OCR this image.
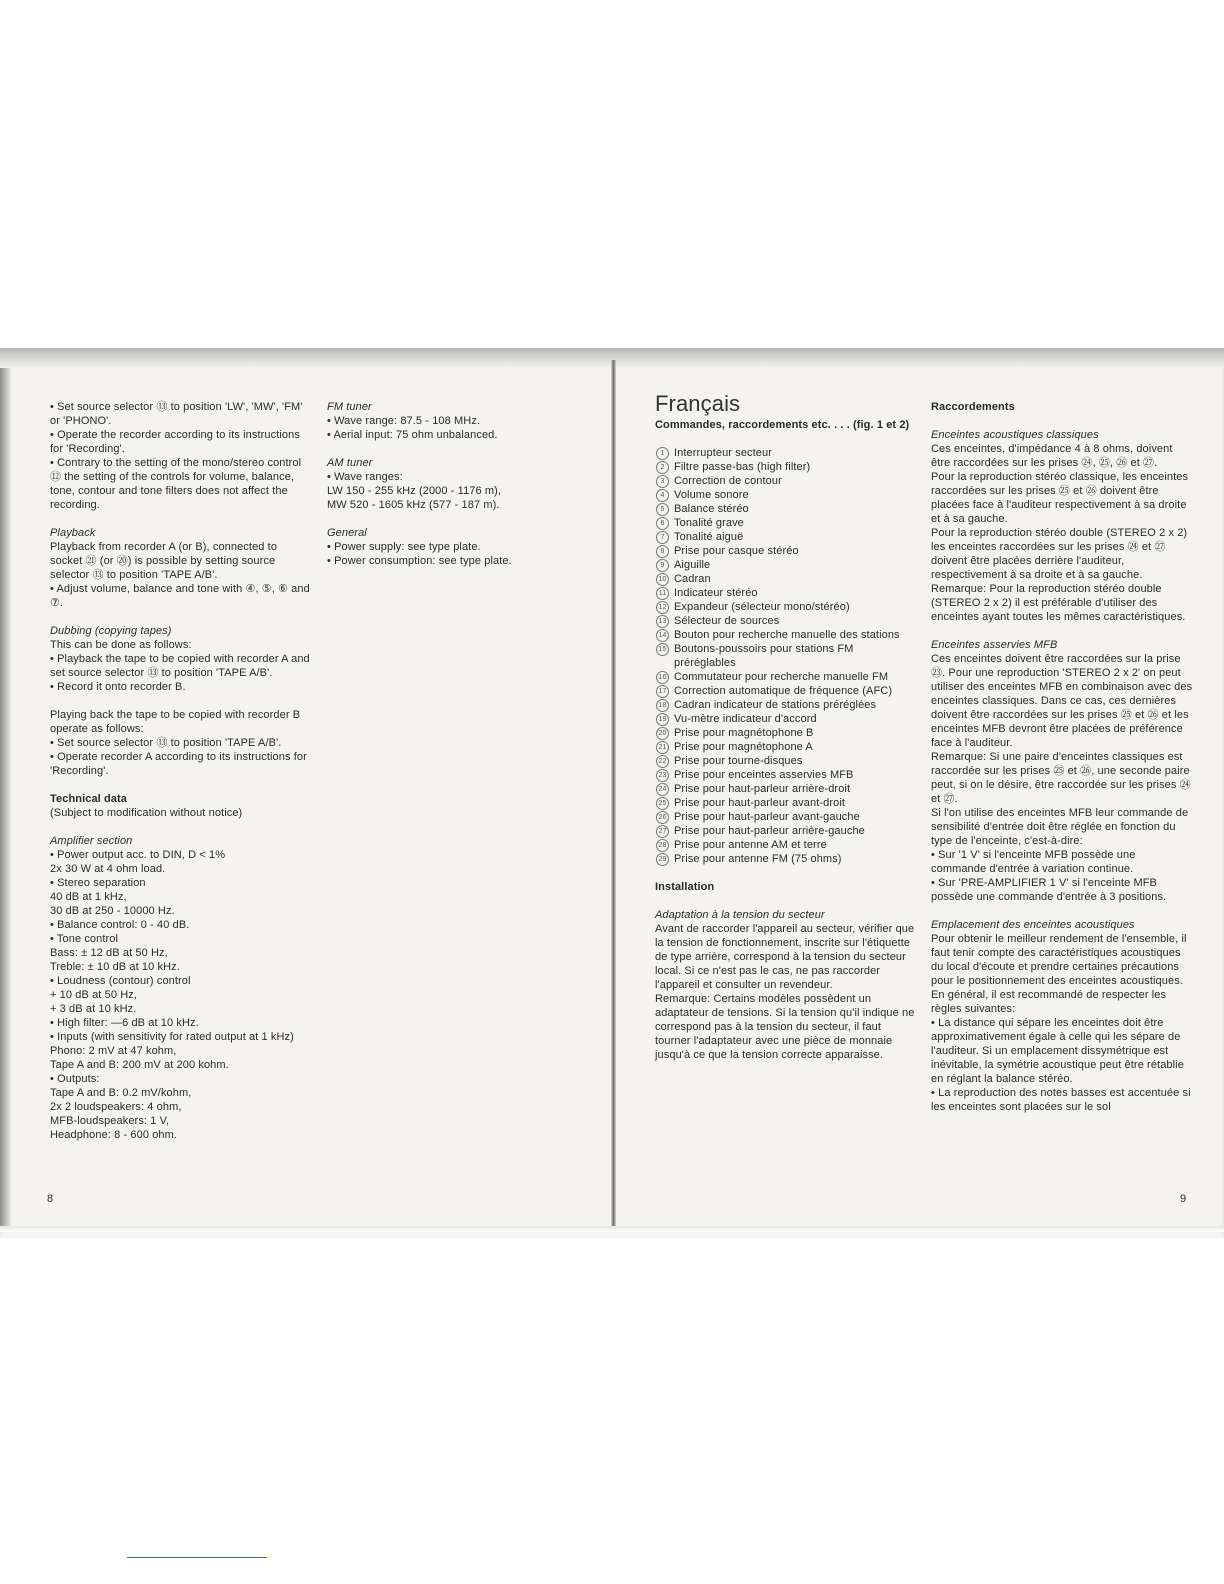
• Set source selector ⑬ to position 'LW', 'MW', 'FM' or 'PHONO'.

• Operate the recorder according to its instructions for 'Recording'.

• Contrary to the setting of the mono/stereo control ⑫ the setting of the controls for volume, balance, tone, contour and tone filters does not affect the recording.

Playback

Playback from recorder A (or B), connected to socket ㉑ (or ⑳) is possible by setting source selector ⑬ to position 'TAPE A/B'.

• Adjust volume, balance and tone with ④, ⑤, ⑥ and ⑦.

Dubbing (copying tapes)

This can be done as follows:

• Playback the tape to be copied with recorder A and set source selector ⑬ to position 'TAPE A/B'.

• Record it onto recorder B.

Playing back the tape to be copied with recorder B operate as follows:

• Set source selector ⑬ to position 'TAPE A/B'.

• Operate recorder A according to its instructions for 'Recording'.

Technical data

(Subject to modification without notice)

Amplifier section

• Power output acc. to DIN, D < 1%

2x 30 W at 4 ohm load.

• Stereo separation

40 dB at 1 kHz,

30 dB at 250 - 10000 Hz.

• Balance control: 0 - 40 dB.

• Tone control

Bass: ± 12 dB at 50 Hz,

Treble: ± 10 dB at 10 kHz.

• Loudness (contour) control

+ 10 dB at 50 Hz,

+ 3 dB at 10 kHz.

• High filter: —6 dB at 10 kHz.

• Inputs (with sensitivity for rated output at 1 kHz)

Phono: 2 mV at 47 kohm,

Tape A and B: 200 mV at 200 kohm.

• Outputs:

Tape A and B: 0.2 mV/kohm,

2x 2 loudspeakers: 4 ohm,

MFB-loudspeakers: 1 V,

Headphone: 8 - 600 ohm.

FM tuner

• Wave range: 87.5 - 108 MHz.

• Aerial input: 75 ohm unbalanced.

AM tuner

• Wave ranges:

LW 150 - 255 kHz (2000 - 1176 m),

MW 520 - 1605 kHz (577 - 187 m).

General

• Power supply: see type plate.

• Power consumption: see type plate.

8

Français

Commandes, raccordements etc. . . . (fig. 1 et 2)

1 Interrupteur secteur
2 Filtre passe-bas (high filter)
3 Correction de contour
4 Volume sonore
5 Balance stéréo
6 Tonalité grave
7 Tonalité aiguë
8 Prise pour casque stéréo
9 Aiguille
10 Cadran
11 Indicateur stéréo
12 Expandeur (sélecteur mono/stéréo)
13 Sélecteur de sources
14 Bouton pour recherche manuelle des stations
15 Boutons-poussoirs pour stations FM préréglables
16 Commutateur pour recherche manuelle FM
17 Correction automatique de fréquence (AFC)
18 Cadran indicateur de stations préréglées
19 Vu-mètre indicateur d'accord
20 Prise pour magnétophone B
21 Prise pour magnétophone A
22 Prise pour tourne-disques
23 Prise pour enceintes asservies MFB
24 Prise pour haut-parleur arrière-droit
25 Prise pour haut-parleur avant-droit
26 Prise pour haut-parleur avant-gauche
27 Prise pour haut-parleur arrière-gauche
28 Prise pour antenne AM et terre
29 Prise pour antenne FM (75 ohms)

Installation

Adaptation à la tension du secteur

Avant de raccorder l'appareil au secteur, vérifier que la tension de fonctionnement, inscrite sur l'étiquette de type arrière, correspond à la tension du secteur local. Si ce n'est pas le cas, ne pas raccorder l'appareil et consulter un revendeur.

Remarque: Certains modèles possèdent un adaptateur de tensions. Si la tension qu'il indique ne correspond pas à la tension du secteur, il faut tourner l'adaptateur avec une pièce de monnaie jusqu'à ce que la tension correcte apparaisse.

Raccordements

Enceintes acoustiques classiques

Ces enceintes, d'impédance 4 à 8 ohms, doivent être raccordées sur les prises ㉔, ㉕, ㉖ et ㉗.

Pour la reproduction stéréo classique, les enceintes raccordées sur les prises ㉕ et ㉖ doivent être placées face à l'auditeur respectivement à sa droite et à sa gauche.

Pour la reproduction stéréo double (STEREO 2 x 2) les enceintes raccordées sur les prises ㉔ et ㉗ doivent être placées derrière l'auditeur, respectivement à sa droite et à sa gauche.

Remarque: Pour la reproduction stéréo double (STEREO 2 x 2) il est préférable d'utiliser des enceintes ayant toutes les mêmes caractéristiques.

Enceintes asservies MFB

Ces enceintes doivent être raccordées sur la prise ㉓. Pour une reproduction 'STEREO 2 x 2' on peut utiliser des enceintes MFB en combinaison avec des enceintes classiques. Dans ce cas, ces dernières doivent être raccordées sur les prises ㉕ et ㉖ et les enceintes MFB devront être placées de préférence face à l'auditeur.

Remarque: Si une paire d'enceintes classiques est raccordée sur les prises ㉕ et ㉖, une seconde paire peut, si on le désire, être raccordée sur les prises ㉔ et ㉗.

Si l'on utilise des enceintes MFB leur commande de sensibilité d'entrée doit être réglée en fonction du type de l'enceinte, c'est-à-dire:

• Sur '1 V' si l'enceinte MFB possède une commande d'entrée à variation continue.

• Sur 'PRE-AMPLIFIER 1 V' si l'enceinte MFB possède une commande d'entrée à 3 positions.

Emplacement des enceintes acoustiques

Pour obtenir le meilleur rendement de l'ensemble, il faut tenir compte des caractéristiques acoustiques du local d'écoute et prendre certaines précautions pour le positionnement des enceintes acoustiques.

En général, il est recommandé de respecter les règles suivantes:

• La distance qui sépare les enceintes doit être approximativement égale à celle qui les sépare de l'auditeur. Si un emplacement dissymétrique est inévitable, la symétrie acoustique peut être rétablie en réglant la balance stéréo.

• La reproduction des notes basses est accentuée si les enceintes sont placées sur le sol

9
